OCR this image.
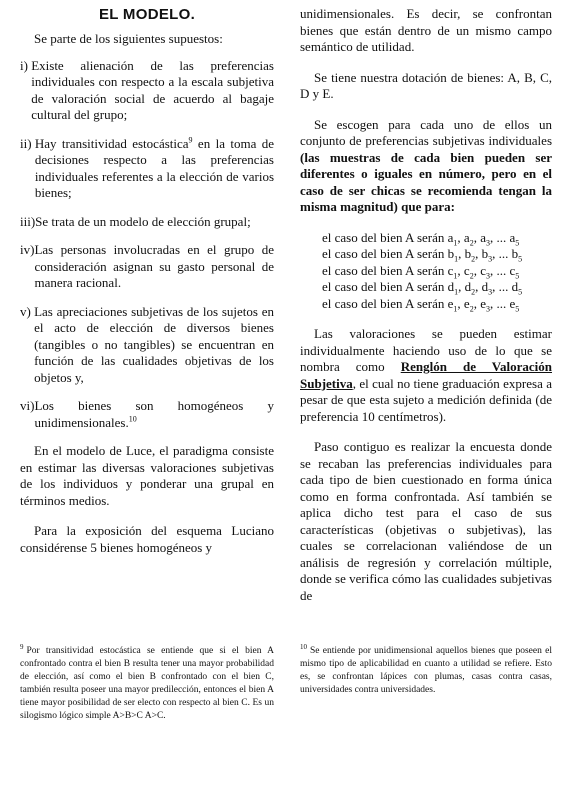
EL MODELO.

Se parte de los siguientes supuestos:

i) Existe alienación de las preferencias individuales con respecto a la escala subjetiva de valoración social de acuerdo al bagaje cultural del grupo;
ii) Hay transitividad estocástica$^9$ en la toma de decisiones respecto a las preferencias individuales referentes a la elección de varios bienes;
iii) Se trata de un modelo de elección grupal;
iv) Las personas involucradas en el grupo de consideración asignan su gasto personal de manera racional.
v) Las apreciaciones subjetivas de los sujetos en el acto de elección de diversos bienes (tangibles o no tangibles) se encuentran en función de las cualidades objetivas de los objetos y,
vi) Los bienes son homogéneos y unidimensionales.$^{10}$

En el modelo de Luce, el paradigma consiste en estimar las diversas valoraciones subjetivas de los individuos y ponderar una grupal en términos medios.

Para la exposición del esquema Luciano considérense 5 bienes homogéneos y

unidimensionales. Es decir, se confrontan bienes que están dentro de un mismo campo semántico de utilidad.

Se tiene nuestra dotación de bienes: A, B, C, D y E.

Se escogen para cada uno de ellos un conjunto de preferencias subjetivas individuales (las muestras de cada bien pueden ser diferentes o iguales en número, pero en el caso de ser chicas se recomienda tengan la misma magnitud) que para:

el caso del bien A serán $a_1$, $a_2$, $a_3$, ... $a_5$
el caso del bien A serán $b_1$, $b_2$, $b_3$, ... $b_5$
el caso del bien A serán $c_1$, $c_2$, $c_3$, ... $c_5$
el caso del bien A serán $d_1$, $d_2$, $d_3$, ... $d_5$
el caso del bien A serán $e_1$, $e_2$, $e_3$, ... $e_5$

Las valoraciones se pueden estimar individualmente haciendo uso de lo que se nombra como Renglón de Valoración Subjetiva, el cual no tiene graduación expresa a pesar de que esta sujeto a medición definida (de preferencia 10 centímetros).

Paso contiguo es realizar la encuesta donde se recaban las preferencias individuales para cada tipo de bien cuestionado en forma única como en forma confrontada. Así también se aplica dicho test para el caso de sus características (objetivas o subjetivas), las cuales se correlacionan valiéndose de un análisis de regresión y correlación múltiple, donde se verifica cómo las cualidades subjetivas de

$^9$ Por transitividad estocástica se entiende que si el bien A confrontado contra el bien B resulta tener una mayor probabilidad de elección, así como el bien B confrontado con el bien C, también resulta poseer una mayor predilección, entonces el bien A tiene mayor posibilidad de ser electo con respecto al bien C. Es un silogismo lógico simple A>B>C A>C.
$^{10}$ Se entiende por unidimensional aquellos bienes que poseen el mismo tipo de aplicabilidad en cuanto a utilidad se refiere. Esto es, se confrontan lápices con plumas, casas contra casas, universidades contra universidades.
